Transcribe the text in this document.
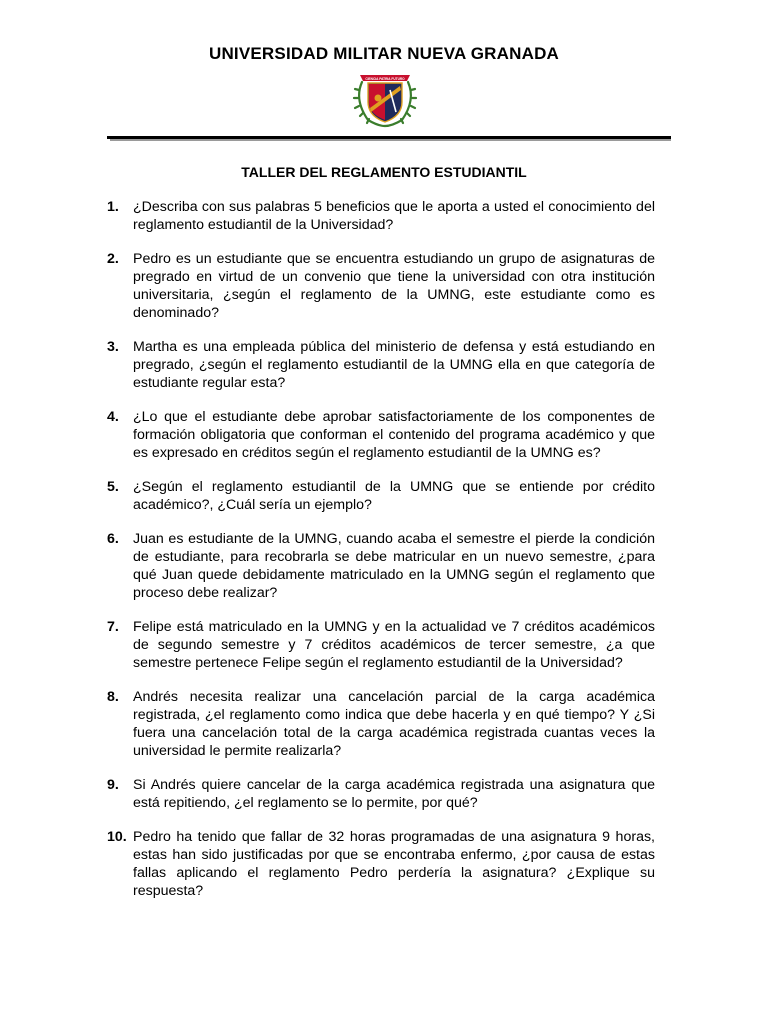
UNIVERSIDAD MILITAR NUEVA GRANADA
CIENCIA PATRIA FUTURO
TALLER DEL REGLAMENTO ESTUDIANTIL
1. ¿Describa con sus palabras 5 beneficios que le aporta a usted el conocimiento del reglamento estudiantil de la Universidad?
2. Pedro es un estudiante que se encuentra estudiando un grupo de asignaturas de pregrado en virtud de un convenio que tiene la universidad con otra institución universitaria, ¿según el reglamento de la UMNG, este estudiante como es denominado?
3. Martha es una empleada pública del ministerio de defensa y está estudiando en pregrado, ¿según el reglamento estudiantil de la UMNG ella en que categoría de estudiante regular esta?
4. ¿Lo que el estudiante debe aprobar satisfactoriamente de los componentes de formación obligatoria que conforman el contenido del programa académico y que es expresado en créditos según el reglamento estudiantil de la UMNG es?
5. ¿Según el reglamento estudiantil de la UMNG que se entiende por crédito académico?, ¿Cuál sería un ejemplo?
6. Juan es estudiante de la UMNG, cuando acaba el semestre el pierde la condición de estudiante, para recobrarla se debe matricular en un nuevo semestre, ¿para qué Juan quede debidamente matriculado en la UMNG según el reglamento que proceso debe realizar?
7. Felipe está matriculado en la UMNG y en la actualidad ve 7 créditos académicos de segundo semestre y 7 créditos académicos de tercer semestre, ¿a que semestre pertenece Felipe según el reglamento estudiantil de la Universidad?
8. Andrés necesita realizar una cancelación parcial de la carga académica registrada, ¿el reglamento como indica que debe hacerla y en qué tiempo? Y ¿Si fuera una cancelación total de la carga académica registrada cuantas veces la universidad le permite realizarla?
9. Si Andrés quiere cancelar de la carga académica registrada una asignatura que está repitiendo, ¿el reglamento se lo permite, por qué?
10. Pedro ha tenido que fallar de 32 horas programadas de una asignatura 9 horas, estas han sido justificadas por que se encontraba enfermo, ¿por causa de estas fallas aplicando el reglamento Pedro perdería la asignatura? ¿Explique su respuesta?
